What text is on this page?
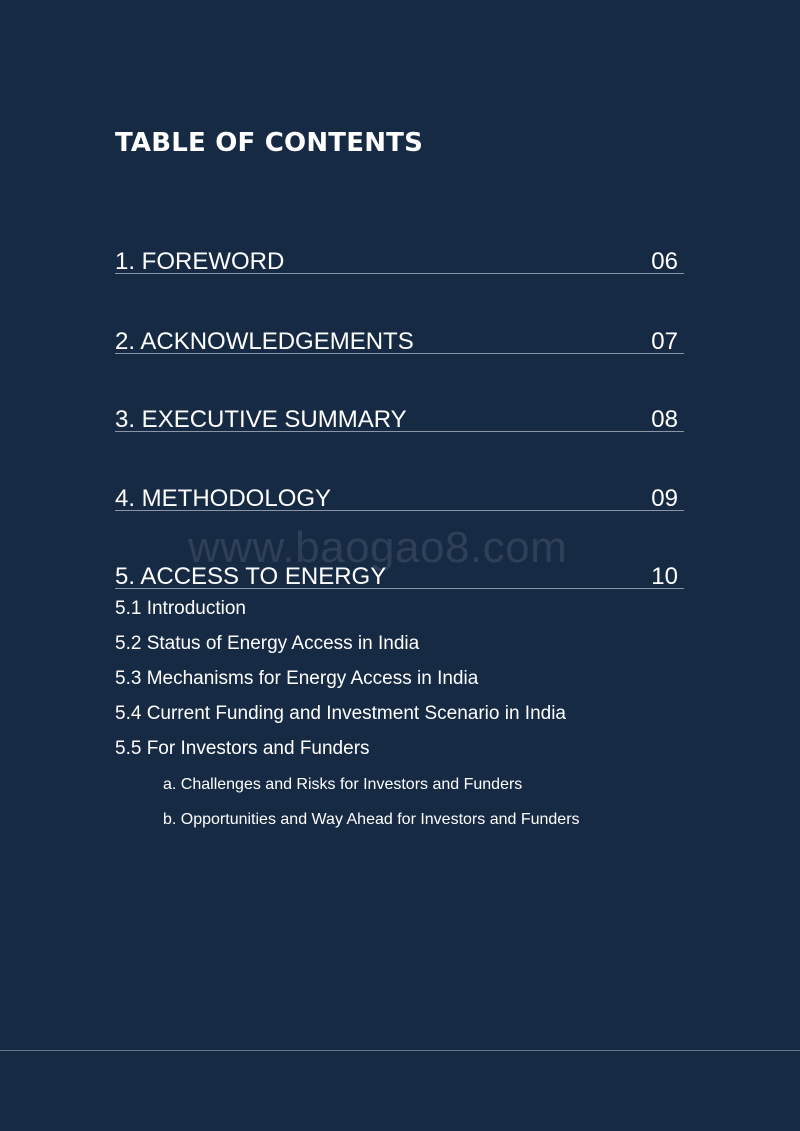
TABLE OF CONTENTS
1. FOREWORD	06
2. ACKNOWLEDGEMENTS	07
3. EXECUTIVE SUMMARY	08
4. METHODOLOGY	09
www.baogao8.com
5. ACCESS TO ENERGY	10
5.1 Introduction
5.2 Status of Energy Access in India
5.3 Mechanisms for Energy Access in India
5.4 Current Funding and Investment Scenario in India
5.5 For Investors and Funders
a. Challenges and Risks for Investors and Funders
b. Opportunities and Way Ahead for Investors and Funders
